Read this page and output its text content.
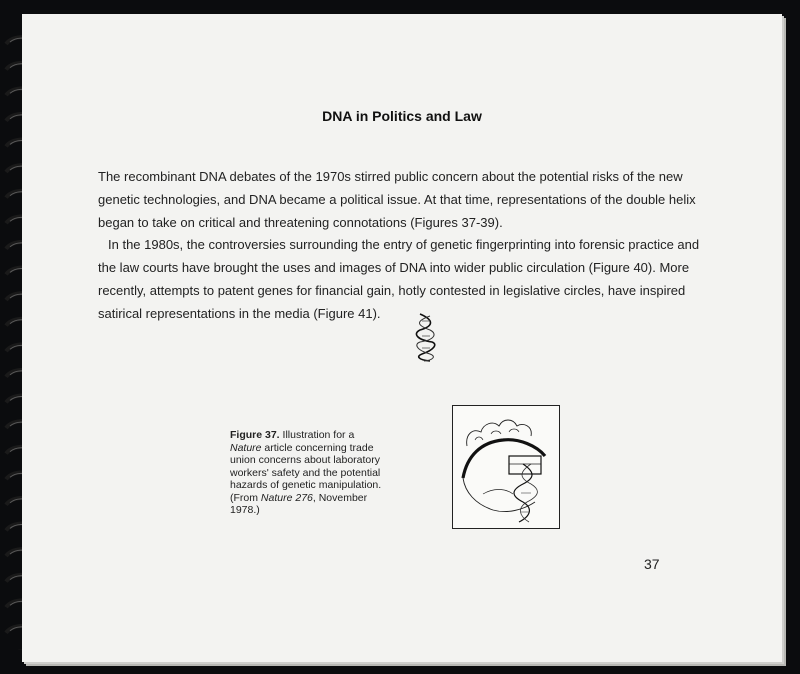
DNA in Politics and Law

The recombinant DNA debates of the 1970s stirred public concern about the potential risks of the new genetic technologies, and DNA became a political issue. At that time, representations of the double helix began to take on critical and threatening connotations (Figures 37-39).

In the 1980s, the controversies surrounding the entry of genetic fingerprinting into forensic practice and the law courts have brought the uses and images of DNA into wider public circulation (Figure 40). More recently, attempts to patent genes for financial gain, hotly contested in legislative circles, have inspired satirical representations in the media (Figure 41).

Figure 37. Illustration for a Nature article concerning trade union concerns about laboratory workers' safety and the potential hazards of genetic manipulation. (From Nature 276, November 1978.)
37
